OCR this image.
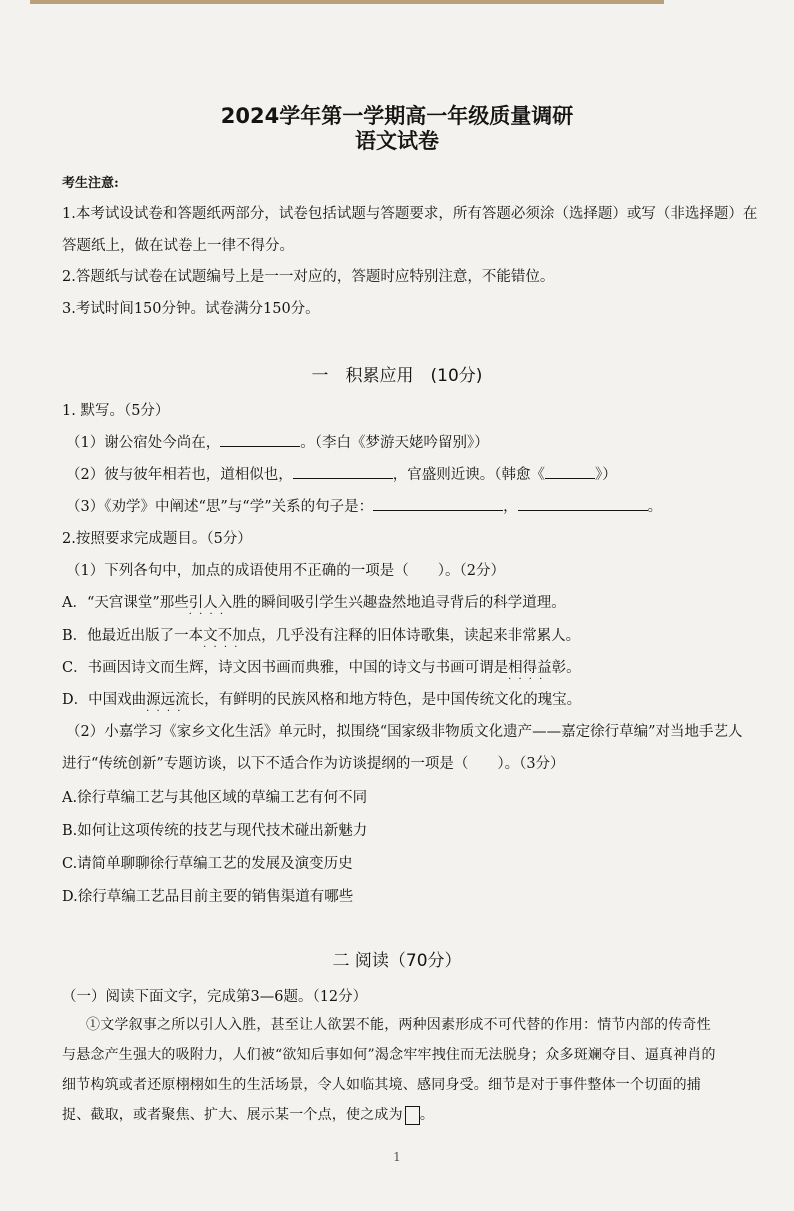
2024学年第一学期高一年级质量调研
语文试卷
考生注意:
1.本考试设试卷和答题纸两部分，试卷包括试题与答题要求，所有答题必须涂（选择题）或写（非选择题）在
答题纸上，做在试卷上一律不得分。
2.答题纸与试卷在试题编号上是一一对应的，答题时应特别注意，不能错位。
3.考试时间150分钟。试卷满分150分。
一　积累应用　(10分)
1. 默写。（5分）
（1）谢公宿处今尚在，	。（李白《梦游天姥吟留别》）
（2）彼与彼年相若也，道相似也，	，官盛则近谀。（韩愈《	》）
（3）《劝学》中阐述“思”与“学”关系的句子是：	，	。
2.按照要求完成题目。（5分）
（1）下列各句中，加点的成语使用不正确的一项是（　　）。（2分）
A．“天宫课堂”那些引人入胜 · · · ·的瞬间吸引学生兴趣盎然地追寻背后的科学道理。
B．他最近出版了一本文不加点 · · · ·，几乎没有注释的旧体诗歌集，读起来非常累人。
C．书画因诗文而生辉，诗文因书画而典雅，中国的诗文与书画可谓是相得益彰 · · · ·。
D．中国戏曲源远流长 · · · ·，有鲜明的民族风格和地方特色，是中国传统文化的瑰宝。
（2）小嘉学习《家乡文化生活》单元时，拟围绕“国家级非物质文化遗产——嘉定徐行草编”对当地手艺人
进行“传统创新”专题访谈，以下不适合作为访谈提纲的一项是（　　）。（3分）
A.徐行草编工艺与其他区域的草编工艺有何不同
B.如何让这项传统的技艺与现代技术碰出新魅力
C.请简单聊聊徐行草编工艺的发展及演变历史
D.徐行草编工艺品目前主要的销售渠道有哪些
二 阅读（70分）
（一）阅读下面文字，完成第3—6题。（12分）
①文学叙事之所以引人入胜，甚至让人欲罢不能，两种因素形成不可代替的作用：情节内部的传奇性与悬念产生强大的吸附力，人们被“欲知后事如何”渴念牢牢拽住而无法脱身；众多斑斓夺目、逼真神肖的细节构筑或者还原栩栩如生的生活场景，令人如临其境、感同身受。细节是对于事件整体一个切面的捕捉、截取，或者聚焦、扩大、展示某一个点，使之成为 。
1
